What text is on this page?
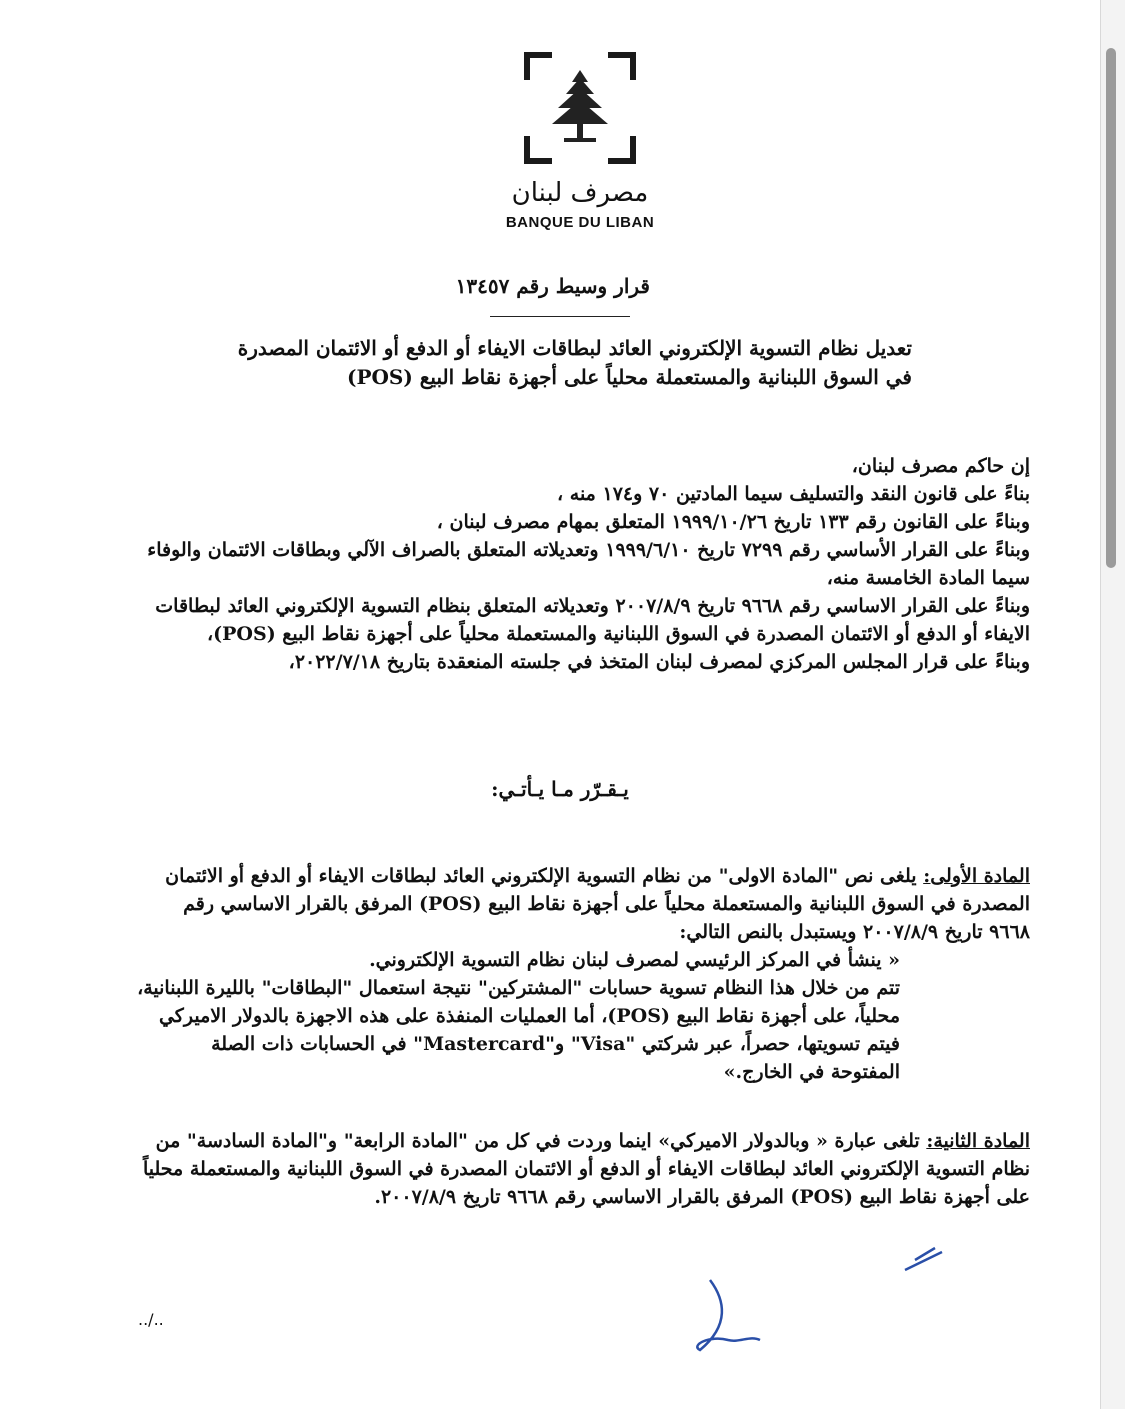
مصرف لبنان
BANQUE DU LIBAN
قرار وسيط رقم ١٣٤٥٧
تعديل نظام التسوية الإلكتروني العائد لبطاقات الايفاء أو الدفع أو الائتمان المصدرة
في السوق اللبنانية والمستعملة محلياً على أجهزة نقاط البيع (POS)

إن حاكم مصرف لبنان،

بناءً على قانون النقد والتسليف سيما المادتين ٧٠ و١٧٤ منه ،

وبناءً على القانون رقم ١٣٣ تاريخ ١٩٩٩/١٠/٢٦ المتعلق بمهام مصرف لبنان ،

وبناءً على القرار الأساسي رقم ٧٢٩٩ تاريخ ١٩٩٩/٦/١٠ وتعديلاته المتعلق بالصراف الآلي وبطاقات الائتمان والوفاء سيما المادة الخامسة منه،

وبناءً على القرار الاساسي رقم ٩٦٦٨ تاريخ ٢٠٠٧/٨/٩ وتعديلاته المتعلق بنظام التسوية الإلكتروني العائد لبطاقات الايفاء أو الدفع أو الائتمان المصدرة في السوق اللبنانية والمستعملة محلياً على أجهزة نقاط البيع (POS)،

وبناءً على قرار المجلس المركزي لمصرف لبنان المتخذ في جلسته المنعقدة بتاريخ ٢٠٢٢/٧/١٨،

يـقـرّر مـا يـأتـي:

المادة الأولى: يلغى نص "المادة الاولى" من نظام التسوية الإلكتروني العائد لبطاقات الايفاء أو الدفع أو الائتمان المصدرة في السوق اللبنانية والمستعملة محلياً على أجهزة نقاط البيع (POS) المرفق بالقرار الاساسي رقم ٩٦٦٨ تاريخ ٢٠٠٧/٨/٩ ويستبدل بالنص التالي:

« ينشأ في المركز الرئيسي لمصرف لبنان نظام التسوية الإلكتروني.

تتم من خلال هذا النظام تسوية حسابات "المشتركين" نتيجة استعمال "البطاقات" بالليرة اللبنانية، محلياً، على أجهزة نقاط البيع (POS)، أما العمليات المنفذة على هذه الاجهزة بالدولار الاميركي فيتم تسويتها، حصراً، عبر شركتي "Visa" و"Mastercard" في الحسابات ذات الصلة المفتوحة في الخارج.»

المادة الثانية: تلغى عبارة « وبالدولار الاميركي» اينما وردت في كل من "المادة الرابعة" و"المادة السادسة" من نظام التسوية الإلكتروني العائد لبطاقات الايفاء أو الدفع أو الائتمان المصدرة في السوق اللبنانية والمستعملة محلياً على أجهزة نقاط البيع (POS) المرفق بالقرار الاساسي رقم ٩٦٦٨ تاريخ ٢٠٠٧/٨/٩.

../..
